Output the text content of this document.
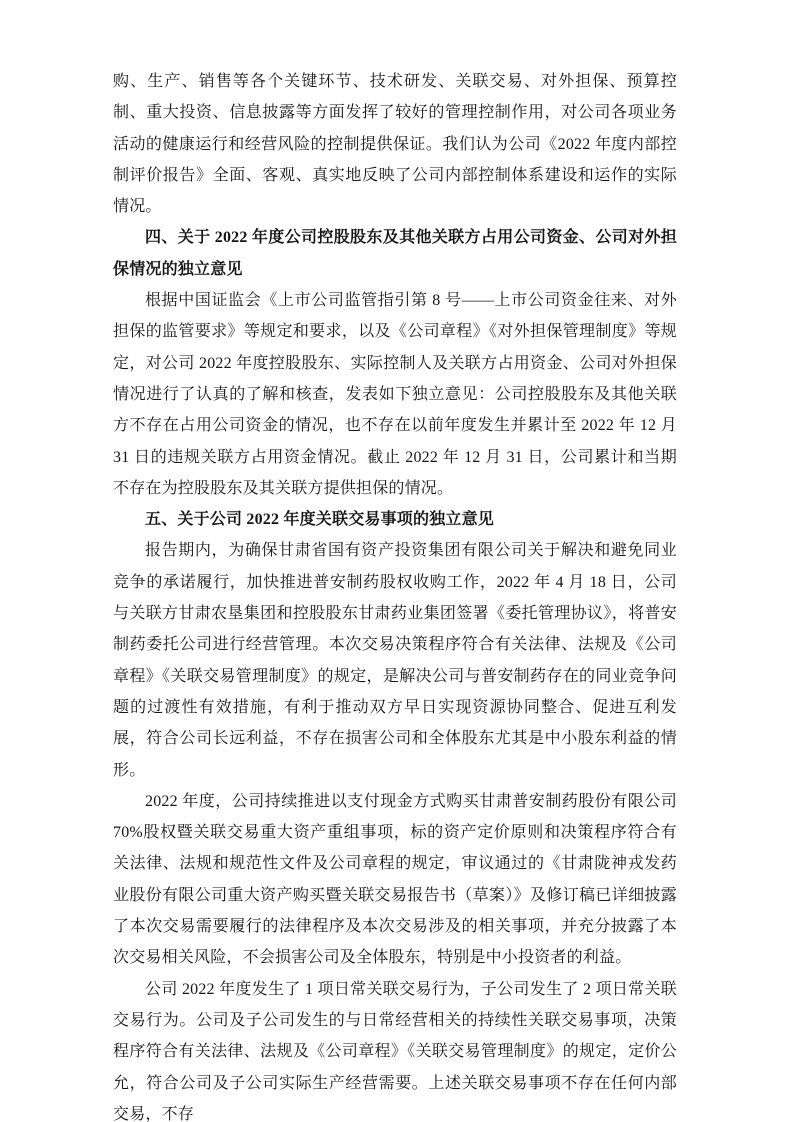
购、生产、销售等各个关键环节、技术研发、关联交易、对外担保、预算控制、重大投资、信息披露等方面发挥了较好的管理控制作用，对公司各项业务活动的健康运行和经营风险的控制提供保证。我们认为公司《2022 年度内部控制评价报告》全面、客观、真实地反映了公司内部控制体系建设和运作的实际情况。

四、关于 2022 年度公司控股股东及其他关联方占用公司资金、公司对外担保情况的独立意见

根据中国证监会《上市公司监管指引第 8 号——上市公司资金往来、对外担保的监管要求》等规定和要求，以及《公司章程》《对外担保管理制度》等规定，对公司 2022 年度控股股东、实际控制人及关联方占用资金、公司对外担保情况进行了认真的了解和核查，发表如下独立意见：公司控股股东及其他关联方不存在占用公司资金的情况，也不存在以前年度发生并累计至 2022 年 12 月 31 日的违规关联方占用资金情况。截止 2022 年 12 月 31 日，公司累计和当期不存在为控股股东及其关联方提供担保的情况。

五、关于公司 2022 年度关联交易事项的独立意见

报告期内，为确保甘肃省国有资产投资集团有限公司关于解决和避免同业竞争的承诺履行，加快推进普安制药股权收购工作，2022 年 4 月 18 日，公司与关联方甘肃农垦集团和控股股东甘肃药业集团签署《委托管理协议》，将普安制药委托公司进行经营管理。本次交易决策程序符合有关法律、法规及《公司章程》《关联交易管理制度》的规定，是解决公司与普安制药存在的同业竞争问题的过渡性有效措施，有利于推动双方早日实现资源协同整合、促进互利发展，符合公司长远利益，不存在损害公司和全体股东尤其是中小股东利益的情形。

2022 年度，公司持续推进以支付现金方式购买甘肃普安制药股份有限公司 70%股权暨关联交易重大资产重组事项，标的资产定价原则和决策程序符合有关法律、法规和规范性文件及公司章程的规定，审议通过的《甘肃陇神戎发药业股份有限公司重大资产购买暨关联交易报告书（草案）》及修订稿已详细披露了本次交易需要履行的法律程序及本次交易涉及的相关事项，并充分披露了本次交易相关风险，不会损害公司及全体股东，特别是中小投资者的利益。

公司 2022 年度发生了 1 项日常关联交易行为，子公司发生了 2 项日常关联交易行为。公司及子公司发生的与日常经营相关的持续性关联交易事项，决策程序符合有关法律、法规及《公司章程》《关联交易管理制度》的规定，定价公允，符合公司及子公司实际生产经营需要。上述关联交易事项不存在任何内部交易，不存
